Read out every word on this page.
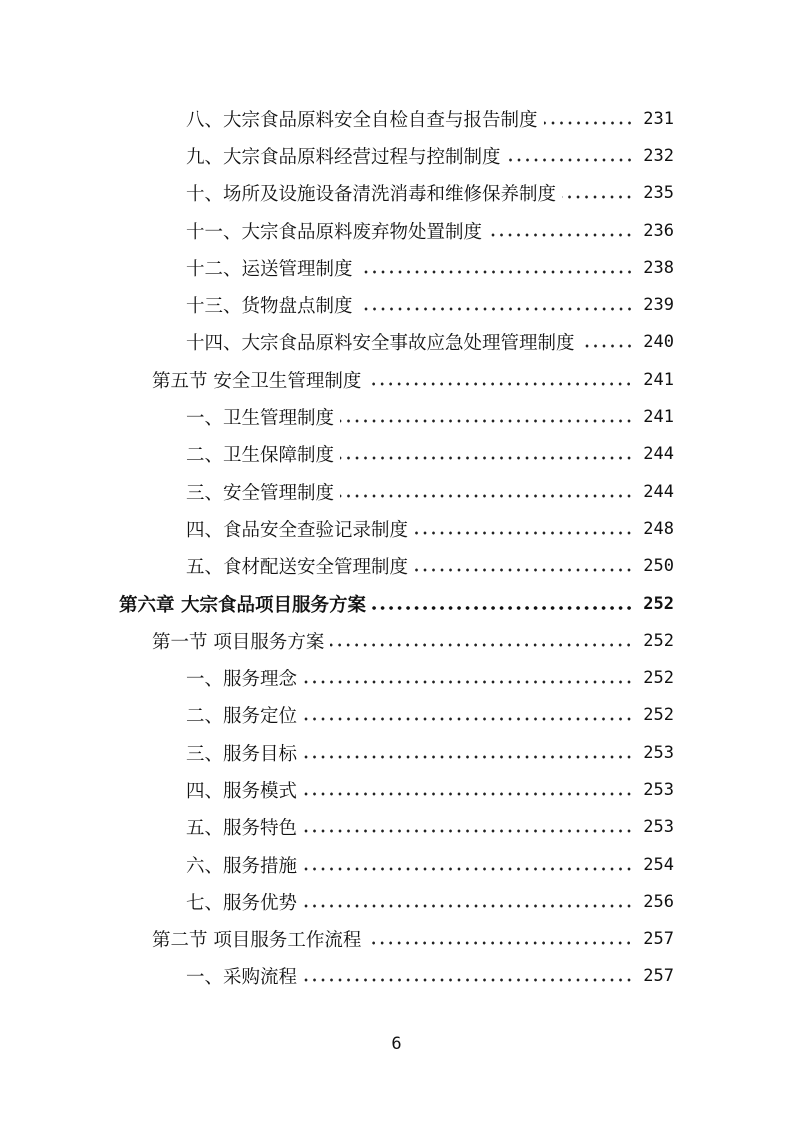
八、大宗食品原料安全自检自查与报告制度	231
九、大宗食品原料经营过程与控制制度	232
十、场所及设施设备清洗消毒和维修保养制度	235
十一、大宗食品原料废弃物处置制度	236
十二、运送管理制度	238
十三、货物盘点制度	239
十四、大宗食品原料安全事故应急处理管理制度	240
第五节 安全卫生管理制度	241
一、卫生管理制度	241
二、卫生保障制度	244
三、安全管理制度	244
四、食品安全查验记录制度	248
五、食材配送安全管理制度	250
第六章 大宗食品项目服务方案	252
第一节 项目服务方案	252
一、服务理念	252
二、服务定位	252
三、服务目标	253
四、服务模式	253
五、服务特色	253
六、服务措施	254
七、服务优势	256
第二节 项目服务工作流程	257
一、采购流程	257
6
